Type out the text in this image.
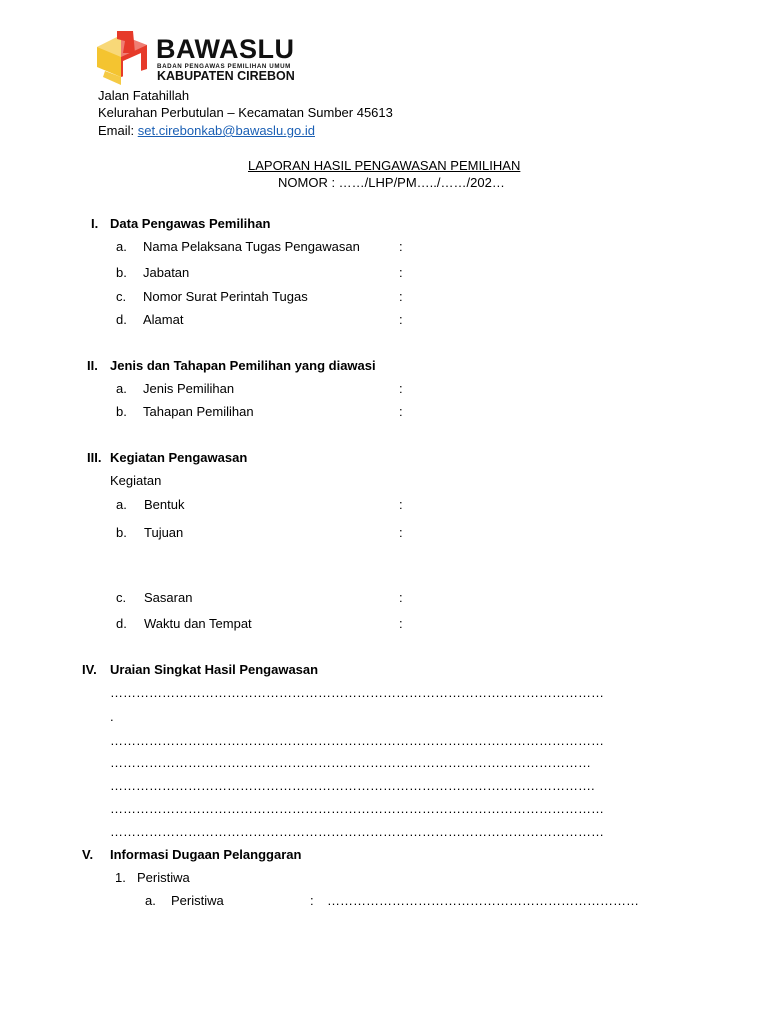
BAWASLU
BADAN PENGAWAS PEMILIHAN UMUM
KABUPATEN CIREBON
Jalan Fatahillah
Kelurahan Perbutulan – Kecamatan Sumber 45613
Email: set.cirebonkab@bawaslu.go.id
LAPORAN HASIL PENGAWASAN PEMILIHAN
NOMOR : ……/LHP/PM…../……/202…
I. Data Pengawas Pemilihan
a. Nama Pelaksana Tugas Pengawasan	:
b. Jabatan	:
c. Nomor Surat Perintah Tugas	:
d. Alamat	:
II. Jenis dan Tahapan Pemilihan yang diawasi
a. Jenis Pemilihan	:
b. Tahapan Pemilihan	:
III. Kegiatan Pengawasan
Kegiatan
a. Bentuk	:
b. Tujuan	:
c. Sasaran	:
d. Waktu dan Tempat	:
IV. Uraian Singkat Hasil Pengawasan
……………………………………………………………………………………………………
.
……………………………………………………………………………………………………
…………………………………………………………………………………………………
………………………………………………………………………………………………….
……………………………………………………………………………………………………
……………………………………………………………………………………………………
V. Informasi Dugaan Pelanggaran
1. Peristiwa
a. Peristiwa	: ………………………………………………………………
